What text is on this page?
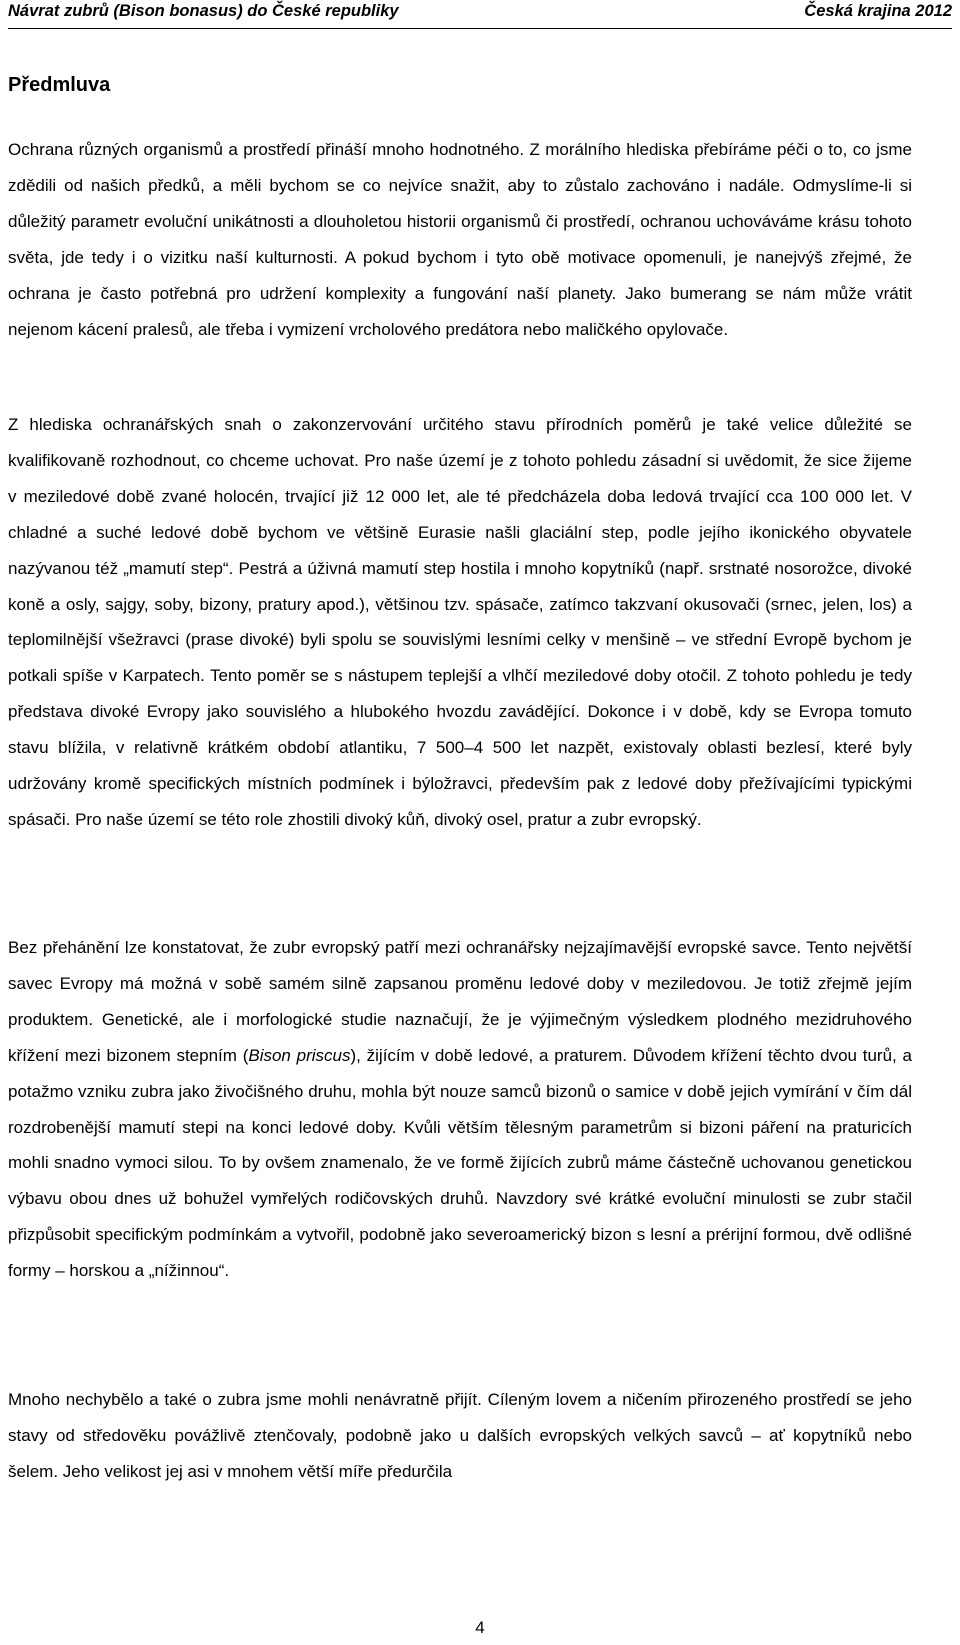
Návrat zubrů (Bison bonasus) do České republiky	Česká krajina 2012
Předmluva

Ochrana různých organismů a prostředí přináší mnoho hodnotného. Z morálního hlediska přebíráme péči o to, co jsme zdědili od našich předků, a měli bychom se co nejvíce snažit, aby to zůstalo zachováno i nadále. Odmyslíme-li si důležitý parametr evoluční unikátnosti a dlouholetou historii organismů či prostředí, ochranou uchováváme krásu tohoto světa, jde tedy i o vizitku naší kulturnosti. A pokud bychom i tyto obě motivace opomenuli, je nanejvýš zřejmé, že ochrana je často potřebná pro udržení komplexity a fungování naší planety. Jako bumerang se nám může vrátit nejenom kácení pralesů, ale třeba i vymizení vrcholového predátora nebo maličkého opylovače.

Z hlediska ochranářských snah o zakonzervování určitého stavu přírodních poměrů je také velice důležité se kvalifikovaně rozhodnout, co chceme uchovat. Pro naše území je z tohoto pohledu zásadní si uvědomit, že sice žijeme v meziledové době zvané holocén, trvající již 12 000 let, ale té předcházela doba ledová trvající cca 100 000 let. V chladné a suché ledové době bychom ve většině Eurasie našli glaciální step, podle jejího ikonického obyvatele nazývanou též „mamutí step“. Pestrá a úživná mamutí step hostila i mnoho kopytníků (např. srstnaté nosorožce, divoké koně a osly, sajgy, soby, bizony, pratury apod.), většinou tzv. spásače, zatímco takzvaní okusovači (srnec, jelen, los) a teplomilnější všežravci (prase divoké) byli spolu se souvislými lesními celky v menšině – ve střední Evropě bychom je potkali spíše v Karpatech. Tento poměr se s nástupem teplejší a vlhčí meziledové doby otočil. Z tohoto pohledu je tedy představa divoké Evropy jako souvislého a hlubokého hvozdu zavádějící. Dokonce i v době, kdy se Evropa tomuto stavu blížila, v relativně krátkém období atlantiku, 7 500–4 500 let nazpět, existovaly oblasti bezlesí, které byly udržovány kromě specifických místních podmínek i býložravci, především pak z ledové doby přežívajícími typickými spásači. Pro naše území se této role zhostili divoký kůň, divoký osel, pratur a zubr evropský.

Bez přehánění lze konstatovat, že zubr evropský patří mezi ochranářsky nejzajímavější evropské savce. Tento největší savec Evropy má možná v sobě samém silně zapsanou proměnu ledové doby v meziledovou. Je totiž zřejmě jejím produktem. Genetické, ale i morfologické studie naznačují, že je výjimečným výsledkem plodného mezidruhového křížení mezi bizonem stepním (Bison priscus), žijícím v době ledové, a praturem. Důvodem křížení těchto dvou turů, a potažmo vzniku zubra jako živočišného druhu, mohla být nouze samců bizonů o samice v době jejich vymírání v čím dál rozdrobenější mamutí stepi na konci ledové doby. Kvůli větším tělesným parametrům si bizoni páření na praturicích mohli snadno vymoci silou. To by ovšem znamenalo, že ve formě žijících zubrů máme částečně uchovanou genetickou výbavu obou dnes už bohužel vymřelých rodičovských druhů. Navzdory své krátké evoluční minulosti se zubr stačil přizpůsobit specifickým podmínkám a vytvořil, podobně jako severoamerický bizon s lesní a prérijní formou, dvě odlišné formy – horskou a „nížinnou“.

Mnoho nechybělo a také o zubra jsme mohli nenávratně přijít. Cíleným lovem a ničením přirozeného prostředí se jeho stavy od středověku povážlivě ztenčovaly, podobně jako u dalších evropských velkých savců – ať kopytníků nebo šelem. Jeho velikost jej asi v mnohem větší míře předurčila

4
